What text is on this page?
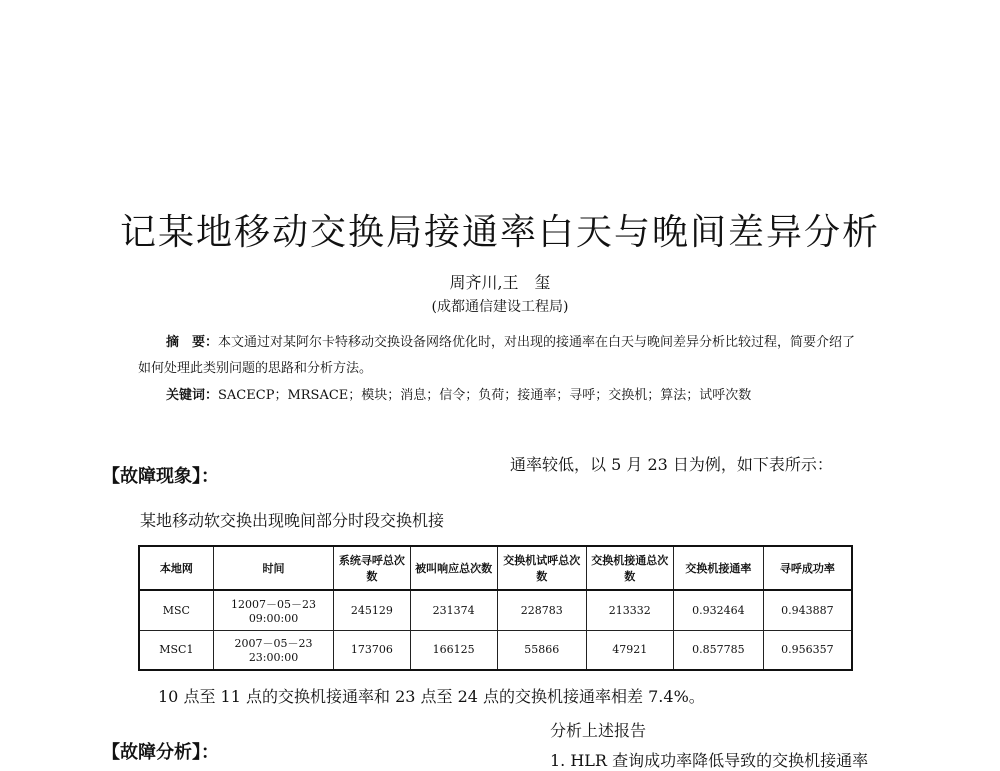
记某地移动交换局接通率白天与晚间差异分析
周齐川,王　玺
(成都通信建设工程局)
摘　要：本文通过对某阿尔卡特移动交换设备网络优化时，对出现的接通率在白天与晚间差异分析比较过程，简要介绍了如何处理此类别问题的思路和分析方法。
关键词：SACECP；MRSACE；模块；消息；信令；负荷；接通率；寻呼；交换机；算法；试呼次数
【故障现象】：
通率较低，以 5 月 23 日为例，如下表所示：
某地移动软交换出现晚间部分时段交换机接
本地网	时间	系统寻呼总次数	被叫响应总次数	交换机试呼总次数	交换机接通总次数	交换机接通率	寻呼成功率
MSC	12007－05－23 09:00:00	245129	231374	228783	213332	0.932464	0.943887
MSC1	2007－05－23 23:00:00	173706	166125	55866	47921	0.857785	0.956357
10 点至 11 点的交换机接通率和 23 点至 24 点的交换机接通率相差 7.4%。
分析上述报告
1. HLR 查询成功率降低导致的交换机接通率
【故障分析】：
